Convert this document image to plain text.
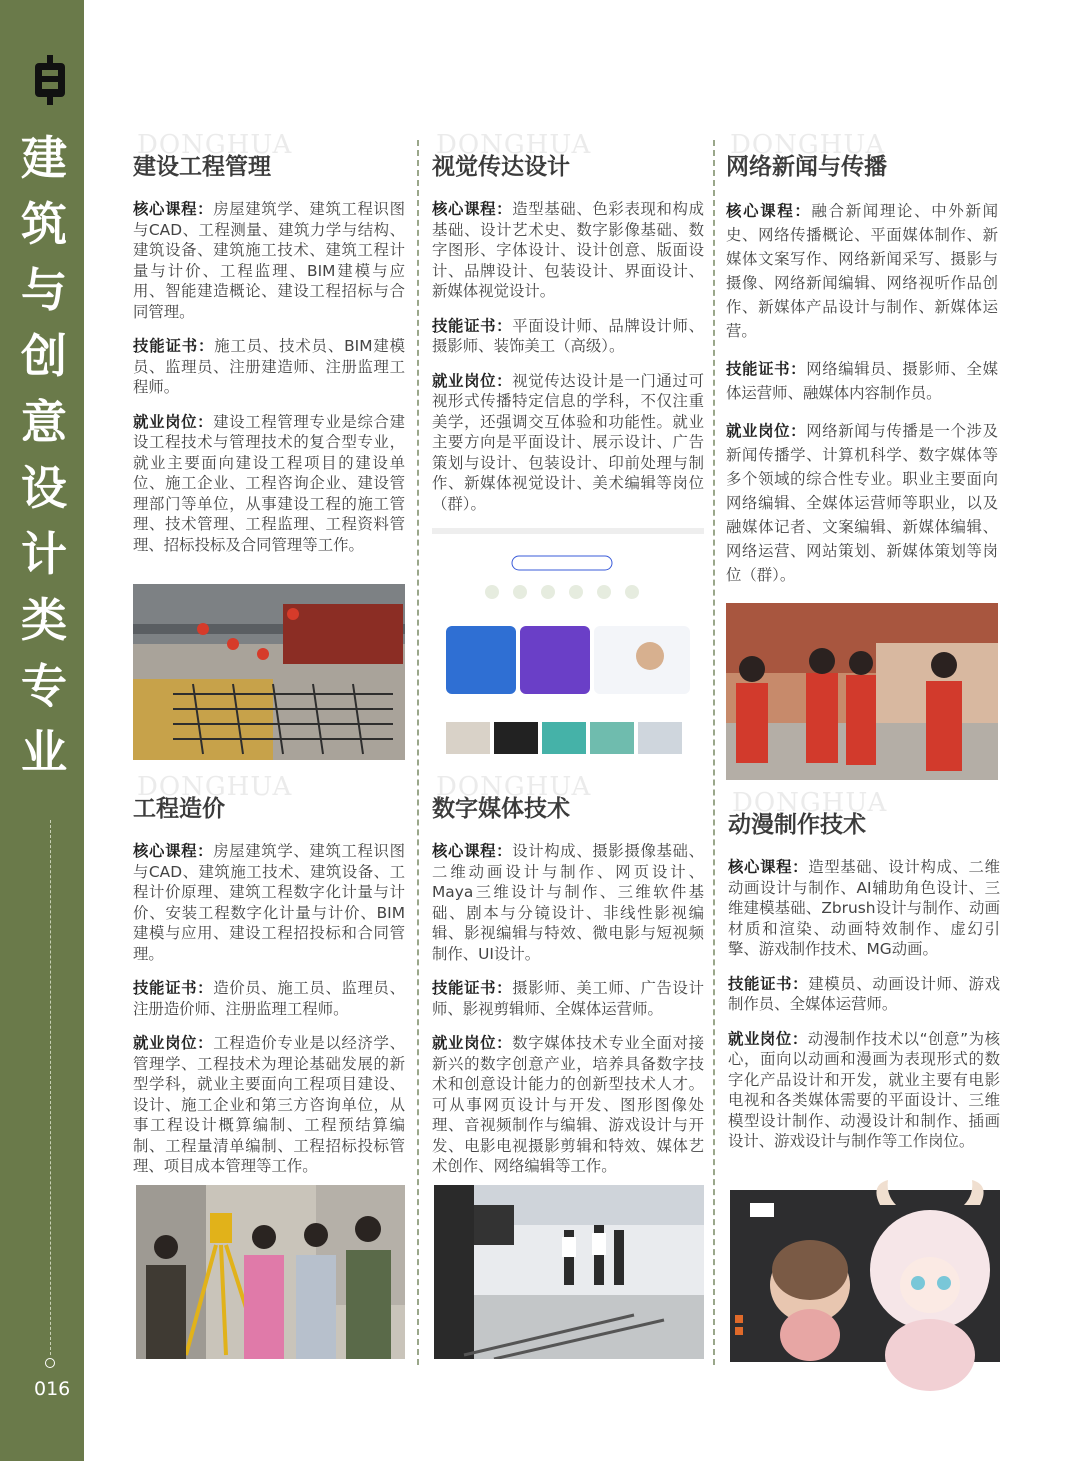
建
筑
与
创
意
设
计
类
专
业
016
DONGHUA
建设工程管理

核心课程：房屋建筑学、建筑工程识图与CAD、工程测量、建筑力学与结构、建筑设备、建筑施工技术、建筑工程计量与计价、工程监理、BIM建模与应用、智能建造概论、建设工程招标与合同管理。

技能证书：施工员、技术员、BIM建模员、监理员、注册建造师、注册监理工程师。

就业岗位：建设工程管理专业是综合建设工程技术与管理技术的复合型专业，就业主要面向建设工程项目的建设单位、施工企业、工程咨询企业、建设管理部门等单位，从事建设工程的施工管理、技术管理、工程监理、工程资料管理、招标投标及合同管理等工作。

DONGHUA
视觉传达设计

核心课程：造型基础、色彩表现和构成基础、设计艺术史、数字影像基础、数字图形、字体设计、设计创意、版面设计、品牌设计、包装设计、界面设计、新媒体视觉设计。

技能证书：平面设计师、品牌设计师、摄影师、装饰美工（高级）。

就业岗位：视觉传达设计是一门通过可视形式传播特定信息的学科，不仅注重美学，还强调交互体验和功能性。就业主要方向是平面设计、展示设计、广告策划与设计、包装设计、印前处理与制作、新媒体视觉设计、美术编辑等岗位（群）。

DONGHUA
网络新闻与传播

核心课程：融合新闻理论、中外新闻史、网络传播概论、平面媒体制作、新媒体文案写作、网络新闻采写、摄影与摄像、网络新闻编辑、网络视听作品创作、新媒体产品设计与制作、新媒体运营。

技能证书：网络编辑员、摄影师、全媒体运营师、融媒体内容制作员。

就业岗位：网络新闻与传播是一个涉及新闻传播学、计算机科学、数字媒体等多个领域的综合性专业。职业主要面向网络编辑、全媒体运营师等职业，以及融媒体记者、文案编辑、新媒体编辑、网络运营、网站策划、新媒体策划等岗位（群）。

DONGHUA
工程造价

核心课程：房屋建筑学、建筑工程识图与CAD、建筑施工技术、建筑设备、工程计价原理、建筑工程数字化计量与计价、安装工程数字化计量与计价、BIM建模与应用、建设工程招投标和合同管理。

技能证书：造价员、施工员、监理员、注册造价师、注册监理工程师。

就业岗位：工程造价专业是以经济学、管理学、工程技术为理论基础发展的新型学科，就业主要面向工程项目建设、设计、施工企业和第三方咨询单位，从事工程设计概算编制、工程预结算编制、工程量清单编制、工程招标投标管理、项目成本管理等工作。

DONGHUA
数字媒体技术

核心课程：设计构成、摄影摄像基础、二维动画设计与制作、网页设计、Maya三维设计与制作、三维软件基础、剧本与分镜设计、非线性影视编辑、影视编辑与特效、微电影与短视频制作、UI设计。

技能证书：摄影师、美工师、广告设计师、影视剪辑师、全媒体运营师。

就业岗位：数字媒体技术专业全面对接新兴的数字创意产业，培养具备数字技术和创意设计能力的创新型技术人才。可从事网页设计与开发、图形图像处理、音视频制作与编辑、游戏设计与开发、电影电视摄影剪辑和特效、媒体艺术创作、网络编辑等工作。

DONGHUA
动漫制作技术

核心课程：造型基础、设计构成、二维动画设计与制作、AI辅助角色设计、三维建模基础、Zbrush设计与制作、动画材质和渲染、动画特效制作、虚幻引擎、游戏制作技术、MG动画。

技能证书：建模员、动画设计师、游戏制作员、全媒体运营师。

就业岗位：动漫制作技术以“创意”为核心，面向以动画和漫画为表现形式的数字化产品设计和开发，就业主要有电影电视和各类媒体需要的平面设计、三维模型设计制作、动漫设计和制作、插画设计、游戏设计与制作等工作岗位。
